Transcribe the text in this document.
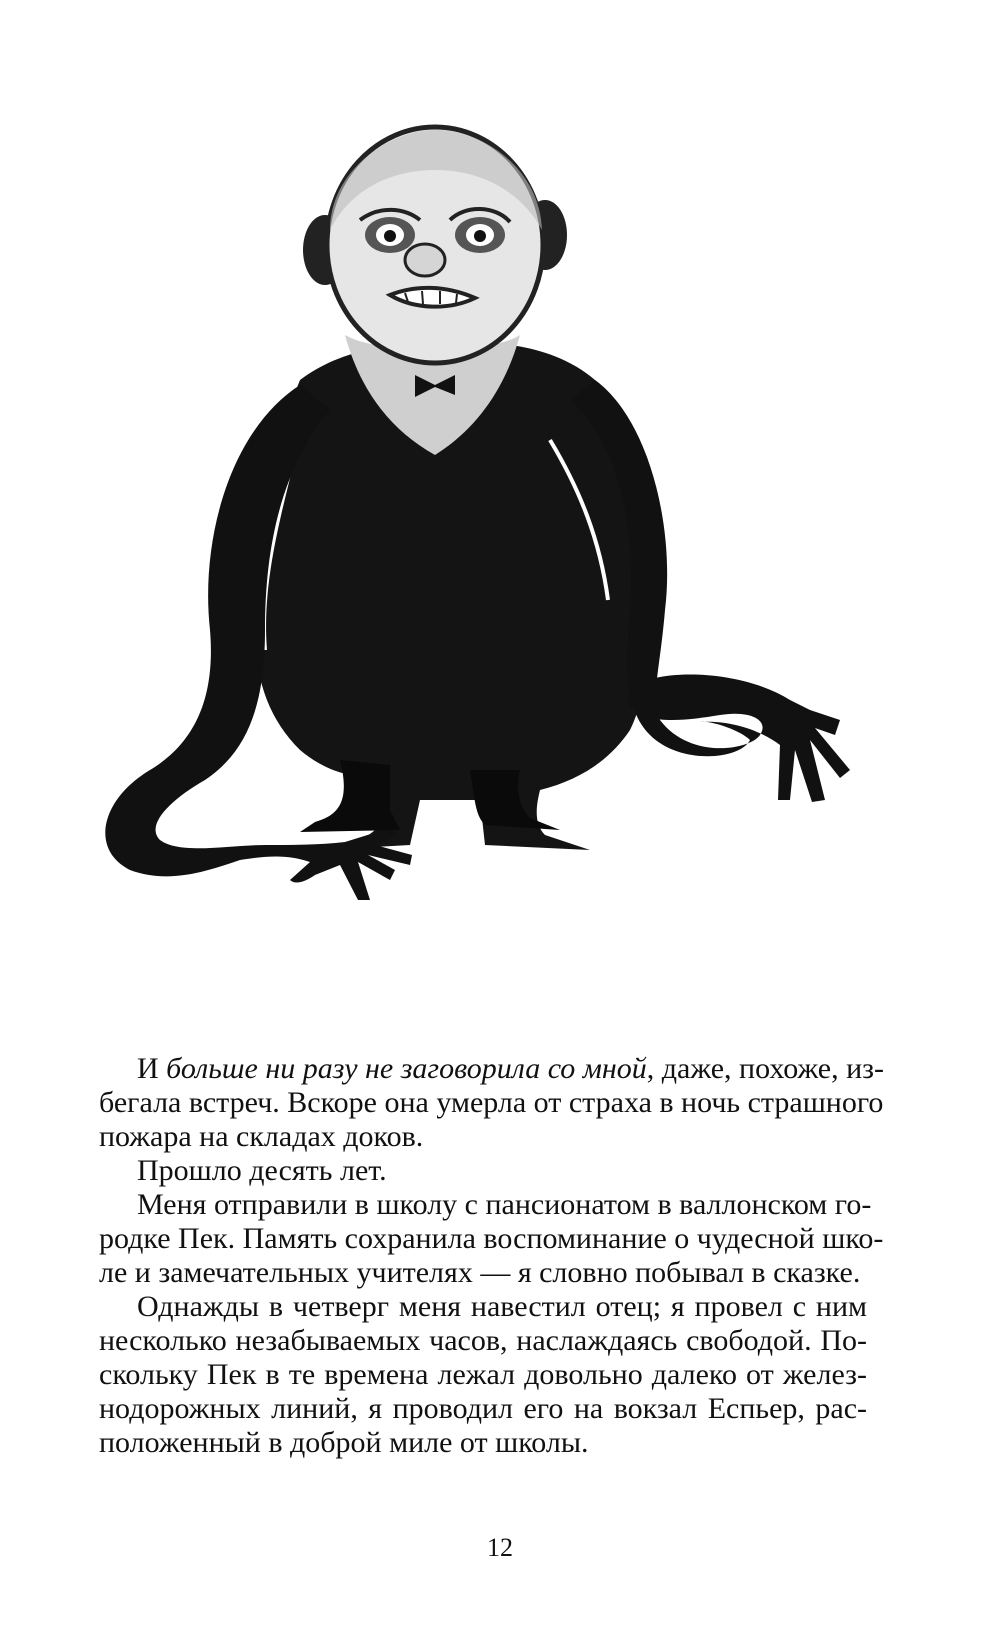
И больше ни разу не заговорила со мной, даже, похоже, из-
бегала встреч. Вскоре она умерла от страха в ночь страшного
пожара на складах доков.
Прошло десять лет.
Меня отправили в школу с пансионатом в валлонском го-
родке Пек. Память сохранила воспоминание о чудесной шко-
ле и замечательных учителях — я словно побывал в сказке.
Однажды в четверг меня навестил отец; я провел с ним
несколько незабываемых часов, наслаждаясь свободой. По-
скольку Пек в те времена лежал довольно далеко от желез-
нодорожных линий, я проводил его на вокзал Еспьер, рас-
положенный в доброй миле от школы.
12
